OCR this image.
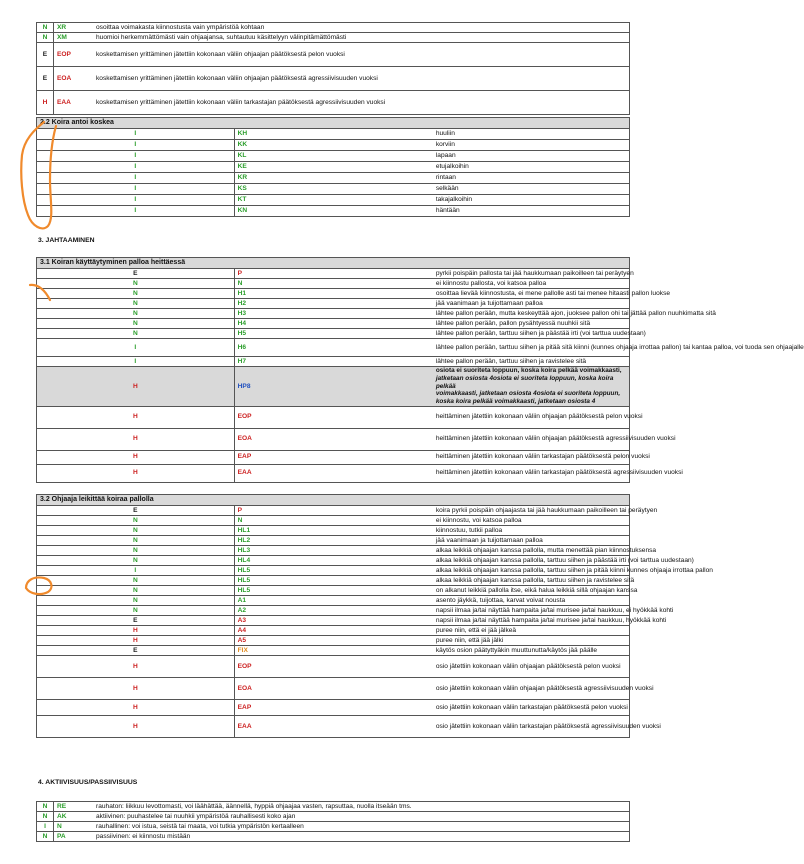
N	XR	osoittaa voimakasta kiinnostusta vain ympäristöä kohtaan
N	XM	huomioi herkemmättömästi vain ohjaajansa, suhtautuu käsittelyyn välinpitämättömästi
E	EOP	koskettamisen yrittäminen jätettiin kokonaan väliin ohjaajan päätöksestä pelon vuoksi
E	EOA	koskettamisen yrittäminen jätettiin kokonaan väliin ohjaajan päätöksestä agressiivisuuden vuoksi
H	EAA	koskettamisen yrittäminen jätettiin kokonaan väliin tarkastajan päätöksestä agressiivisuuden vuoksi
2.2 Koira antoi koskea		
I	KH	huuliin
I	KK	korviin
I	KL	lapaan
I	KE	etujalkoihin
I	KR	rintaan
I	KS	selkään
I	KT	takajalkoihin
I	KN	häntään
3. JAHTAAMINEN
3.1 Koiran käyttäytyminen palloa heittäessä		
E	P	pyrkii poispäin pallosta tai jää haukkumaan paikoilleen tai peräytyen
N	N	ei kiinnostu pallosta, voi katsoa palloa
N	H1	osoittaa lievää kiinnostusta, ei mene pallolle asti tai menee hitaasti pallon luokse
N	H2	jää vaanimaan ja tuijottamaan palloa
N	H3	lähtee pallon perään, mutta keskeyttää ajon, juoksee pallon ohi tai jättää pallon nuuhkimatta sitä
N	H4	lähtee pallon perään, pallon pysähtyessä nuuhkii sitä
N	H5	lähtee pallon perään, tarttuu siihen ja päästää irti (voi tarttua uudestaan)
I	H6	lähtee pallon perään, tarttuu siihen ja pitää sitä kiinni (kunnes ohjaaja irrottaa pallon) tai kantaa palloa, voi tuoda sen ohjaajalle
I	H7	lähtee pallon perään, tarttuu siihen ja ravistelee sitä
H	HP8	osiota ei suoriteta loppuun, koska koira pelkää voimakkaasti, jatketaan osiosta 4osiota ei suoriteta loppuun, koska koira pelkää
voimakkaasti, jatketaan osiosta 4osiota ei suoriteta loppuun, koska koira pelkää voimakkaasti, jatketaan osiosta 4
H	EOP	heittäminen jätettiin kokonaan väliin ohjaajan päätöksestä pelon vuoksi
H	EOA	heittäminen jätettiin kokonaan väliin ohjaajan päätöksestä agressiivisuuden vuoksi
H	EAP	heittäminen jätettiin kokonaan väliin tarkastajan päätöksestä pelon vuoksi
H	EAA	heittäminen jätettiin kokonaan väliin tarkastajan päätöksestä agressiivisuuden vuoksi
3.2 Ohjaaja leikittää koiraa pallolla		
E	P	koira pyrkii poispäin ohjaajasta tai jää haukkumaan paikoilleen tai peräytyen
N	N	ei kiinnostu, voi katsoa palloa
N	HL1	kiinnostuu, tutkii palloa
N	HL2	jää vaanimaan ja tuijottamaan palloa
N	HL3	alkaa leikkiä ohjaajan kanssa pallolla, mutta menettää pian kiinnostuksensa
N	HL4	alkaa leikkiä ohjaajan kanssa pallolla, tarttuu siihen ja päästää irti (voi tarttua uudestaan)
I	HL5	alkaa leikkiä ohjaajan kanssa pallolla, tarttuu siihen ja pitää kiinni kunnes ohjaaja irrottaa pallon
N	HL5	alkaa leikkiä ohjaajan kanssa pallolla, tarttuu siihen ja ravistelee sitä
N	HL5	on alkanut leikkiä pallolla itse, eikä halua leikkiä sillä ohjaajan kanssa
N	A1	asento jäykkä, tuijottaa, karvat voivat nousta
N	A2	napsii ilmaa ja/tai näyttää hampaita ja/tai murisee ja/tai haukkuu, ei hyökkää kohti
E	A3	napsii ilmaa ja/tai näyttää hampaita ja/tai murisee ja/tai haukkuu, hyökkää kohti
H	A4	puree niin, että ei jää jälkeä
H	A5	puree niin, että jää jälki
E	FIX	käytös osion päätyttyäkin muuttunutta/käytös jää päälle
H	EOP	osio jätettiin kokonaan väliin ohjaajan päätöksestä pelon vuoksi
H	EOA	osio jätettiin kokonaan väliin ohjaajan päätöksestä agressiivisuuden vuoksi
H	EAP	osio jätettiin kokonaan väliin tarkastajan päätöksestä pelon vuoksi
H	EAA	osio jätettiin kokonaan väliin tarkastajan päätöksestä agressiivisuuden vuoksi
4. AKTIIVISUUS/PASSIIVISUUS
N	RE	rauhaton: liikkuu levottomasti, voi läähättää, äännellä, hyppiä ohjaajaa vasten, rapsuttaa, nuolla itseään tms.
N	AK	aktiivinen: puuhastelee tai nuuhkii ympäristöä rauhallisesti koko ajan
I	N	rauhallinen: voi istua, seistä tai maata, voi tutkia ympäristön kertaalleen
N	PA	passiivinen: ei kiinnostu mistään
